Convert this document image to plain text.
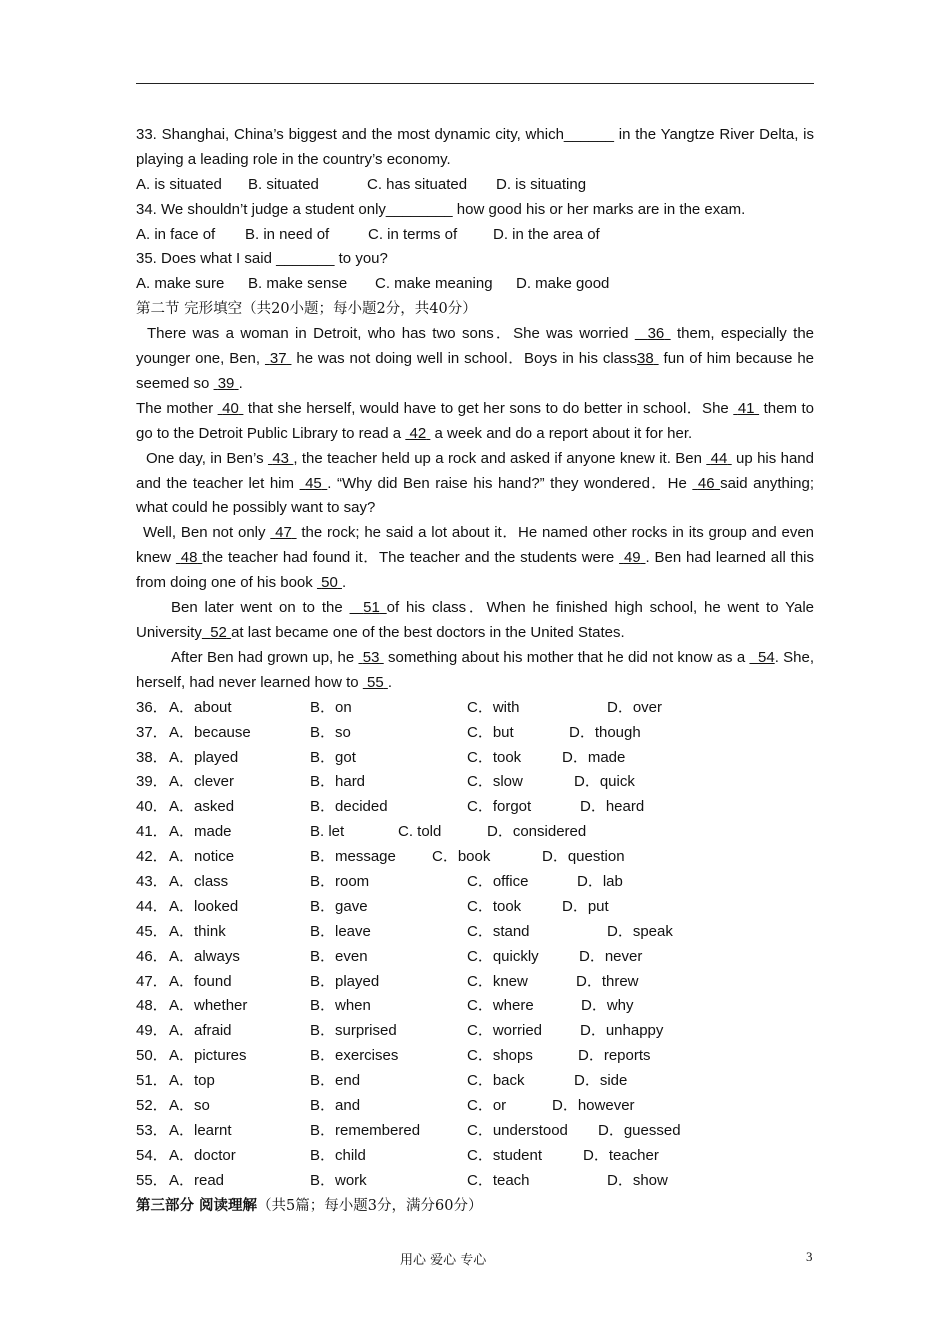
33. Shanghai, China’s biggest and the most dynamic city, which______ in the Yangtze River Delta, is
playing a leading role in the country’s economy.
A. is situated B. situated	C. has situated D. is situating
34. We shouldn’t judge a student only________ how good his or her marks are in the exam.
A. in face of B. in need of	C. in terms of D. in the area of
35. Does what I said _______ to you?
A. make sure B. make sense C. make meaning D. make good
第二节 完形填空（共20小题；每小题2分，共40分）
There was a woman in Detroit, who has two sons．She was worried   36  them, especially the younger one, Ben,  37  he was not doing well in school．Boys in his class38  fun of him because he seemed so  39 .
The mother  40  that she herself, would have to get her sons to do better in school．She  41  them to go to the Detroit Public Library to read a  42  a week and do a report about it for her.
One day, in Ben’s  43 , the teacher held up a rock and asked if anyone knew it. Ben  44  up his hand and the teacher let him  45 . “Why did Ben raise his hand?” they wondered．He  46 said anything; what could he possibly want to say?
Well, Ben not only  47  the rock; he said a lot about it．He named other rocks in its group and even knew  48 the teacher had found it．The teacher and the students were  49 . Ben had learned all this from doing one of his book  50 .
Ben later went on to the   51 of his class．When he finished high school, he went to Yale University 52 at last became one of the best doctors in the United States.
After Ben had grown up, he  53  something about his mother that he did not know as a   54. She, herself, had never learned how to  55 .
36． A．about	B．on	C．with	D．over
37． A．because	B．so	C．but	D．though
38． A．played	B．got	C．took	D．made
39． A．clever	B．hard	C．slow	D．quick
40． A．asked	B．decided	C．forgot	D．heard
41． A．made	B. let	C. told	D．considered
42． A．notice	B．message C．book	D．question
43． A．class	B．room	C．office	D．lab
44． A．looked	B．gave	C．took	D．put
45． A．think	B．leave	C．stand	D．speak
46． A．always	B．even	C．quickly	D．never
47． A．found	B．played	C．knew	D．threw
48． A．whether	B．when	C．where	D．why
49． A．afraid	B．surprised	C．worried	D．unhappy
50． A．pictures	B．exercises	C．shops	D．reports
51． A．top	B．end	C．back	D．side
52． A．so	B．and	C．or	D．however
53． A．learnt	B．remembered	C．understood D．guessed
54． A．doctor	B．child	C．student	D．teacher
55． A．read	B．work	C．teach	D．show
第三部分 阅读理解（共5篇；每小题3分，满分60分）
用心 爱心 专心	3
